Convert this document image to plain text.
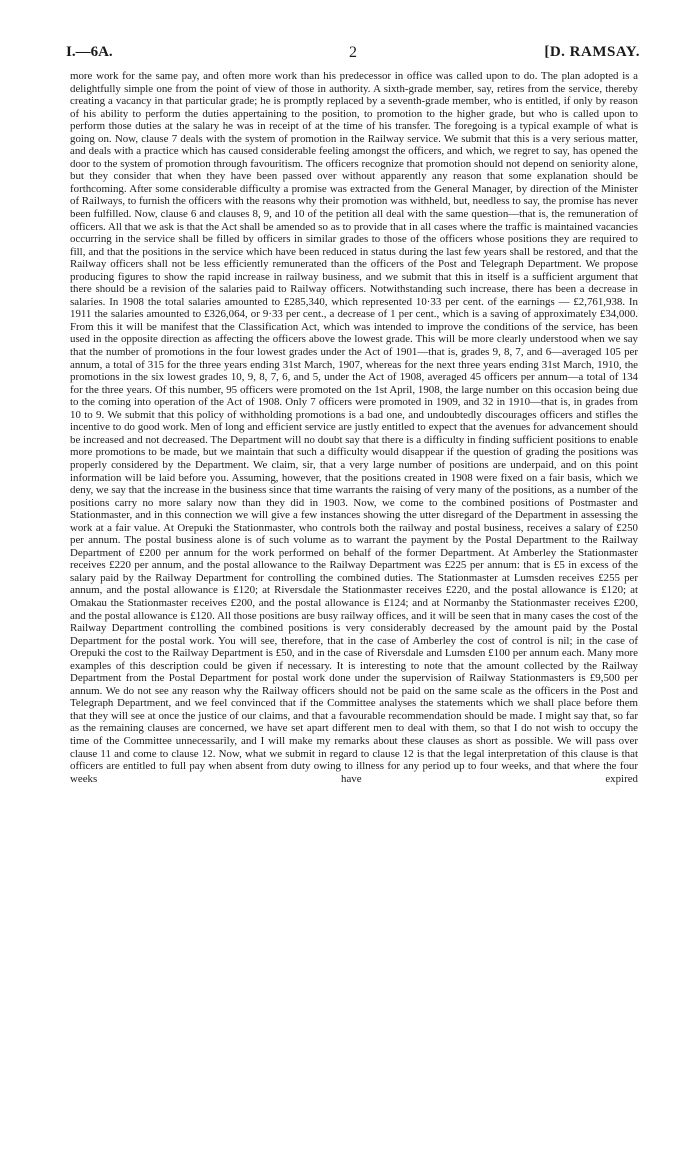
I.—6A.	2	[D. RAMSAY.

more work for the same pay, and often more work than his predecessor in office was called upon to do. The plan adopted is a delightfully simple one from the point of view of those in authority. A sixth-grade member, say, retires from the service, thereby creating a vacancy in that particular grade; he is promptly replaced by a seventh-grade member, who is entitled, if only by reason of his ability to perform the duties appertaining to the position, to promotion to the higher grade, but who is called upon to perform those duties at the salary he was in receipt of at the time of his transfer. The foregoing is a typical example of what is going on. Now, clause 7 deals with the system of promotion in the Railway service. We submit that this is a very serious matter, and deals with a practice which has caused considerable feeling amongst the officers, and which, we regret to say, has opened the door to the system of promotion through favouritism. The officers recognize that promotion should not depend on seniority alone, but they consider that when they have been passed over without apparently any reason that some explanation should be forthcoming. After some considerable difficulty a promise was extracted from the General Manager, by direction of the Minister of Railways, to furnish the officers with the reasons why their promotion was withheld, but, needless to say, the promise has never been fulfilled. Now, clause 6 and clauses 8, 9, and 10 of the petition all deal with the same question—that is, the remuneration of officers. All that we ask is that the Act shall be amended so as to provide that in all cases where the traffic is maintained vacancies occurring in the service shall be filled by officers in similar grades to those of the officers whose positions they are required to fill, and that the positions in the service which have been reduced in status during the last few years shall be restored, and that the Railway officers shall not be less efficiently remunerated than the officers of the Post and Telegraph Department. We propose producing figures to show the rapid increase in railway business, and we submit that this in itself is a sufficient argument that there should be a revision of the salaries paid to Railway officers. Notwithstanding such increase, there has been a decrease in salaries. In 1908 the total salaries amounted to £285,340, which represented 10·33 per cent. of the earnings — £2,761,938. In 1911 the salaries amounted to £326,064, or 9·33 per cent., a decrease of 1 per cent., which is a saving of approximately £34,000. From this it will be manifest that the Classification Act, which was intended to improve the conditions of the service, has been used in the opposite direction as affecting the officers above the lowest grade. This will be more clearly understood when we say that the number of promotions in the four lowest grades under the Act of 1901—that is, grades 9, 8, 7, and 6—averaged 105 per annum, a total of 315 for the three years ending 31st March, 1907, whereas for the next three years ending 31st March, 1910, the promotions in the six lowest grades 10, 9, 8, 7, 6, and 5, under the Act of 1908, averaged 45 officers per annum—a total of 134 for the three years. Of this number, 95 officers were promoted on the 1st April, 1908, the large number on this occasion being due to the coming into operation of the Act of 1908. Only 7 officers were promoted in 1909, and 32 in 1910—that is, in grades from 10 to 9. We submit that this policy of withholding promotions is a bad one, and undoubtedly discourages officers and stifles the incentive to do good work. Men of long and efficient service are justly entitled to expect that the avenues for advancement should be increased and not decreased. The Department will no doubt say that there is a difficulty in finding sufficient positions to enable more promotions to be made, but we maintain that such a difficulty would disappear if the question of grading the positions was properly considered by the Department. We claim, sir, that a very large number of positions are underpaid, and on this point information will be laid before you. Assuming, however, that the positions created in 1908 were fixed on a fair basis, which we deny, we say that the increase in the business since that time warrants the raising of very many of the positions, as a number of the positions carry no more salary now than they did in 1903. Now, we come to the combined positions of Postmaster and Stationmaster, and in this connection we will give a few instances showing the utter disregard of the Department in assessing the work at a fair value. At Orepuki the Stationmaster, who controls both the railway and postal business, receives a salary of £250 per annum. The postal business alone is of such volume as to warrant the payment by the Postal Department to the Railway Department of £200 per annum for the work performed on behalf of the former Department. At Amberley the Stationmaster receives £220 per annum, and the postal allowance to the Railway Department was £225 per annum: that is £5 in excess of the salary paid by the Railway Department for controlling the combined duties. The Stationmaster at Lumsden receives £255 per annum, and the postal allowance is £120; at Riversdale the Stationmaster receives £220, and the postal allowance is £120; at Omakau the Stationmaster receives £200, and the postal allowance is £124; and at Normanby the Stationmaster receives £200, and the postal allowance is £120. All those positions are busy railway offices, and it will be seen that in many cases the cost of the Railway Department controlling the combined positions is very considerably decreased by the amount paid by the Postal Department for the postal work. You will see, therefore, that in the case of Amberley the cost of control is nil; in the case of Orepuki the cost to the Railway Department is £50, and in the case of Riversdale and Lumsden £100 per annum each. Many more examples of this description could be given if necessary. It is interesting to note that the amount collected by the Railway Department from the Postal Department for postal work done under the supervision of Railway Stationmasters is £9,500 per annum. We do not see any reason why the Railway officers should not be paid on the same scale as the officers in the Post and Telegraph Department, and we feel convinced that if the Committee analyses the statements which we shall place before them that they will see at once the justice of our claims, and that a favourable recommendation should be made. I might say that, so far as the remaining clauses are concerned, we have set apart different men to deal with them, so that I do not wish to occupy the time of the Committee unnecessarily, and I will make my remarks about these clauses as short as possible. We will pass over clause 11 and come to clause 12. Now, what we submit in regard to clause 12 is that the legal interpretation of this clause is that officers are entitled to full pay when absent from duty owing to illness for any period up to four weeks, and that where the four weeks have expired
